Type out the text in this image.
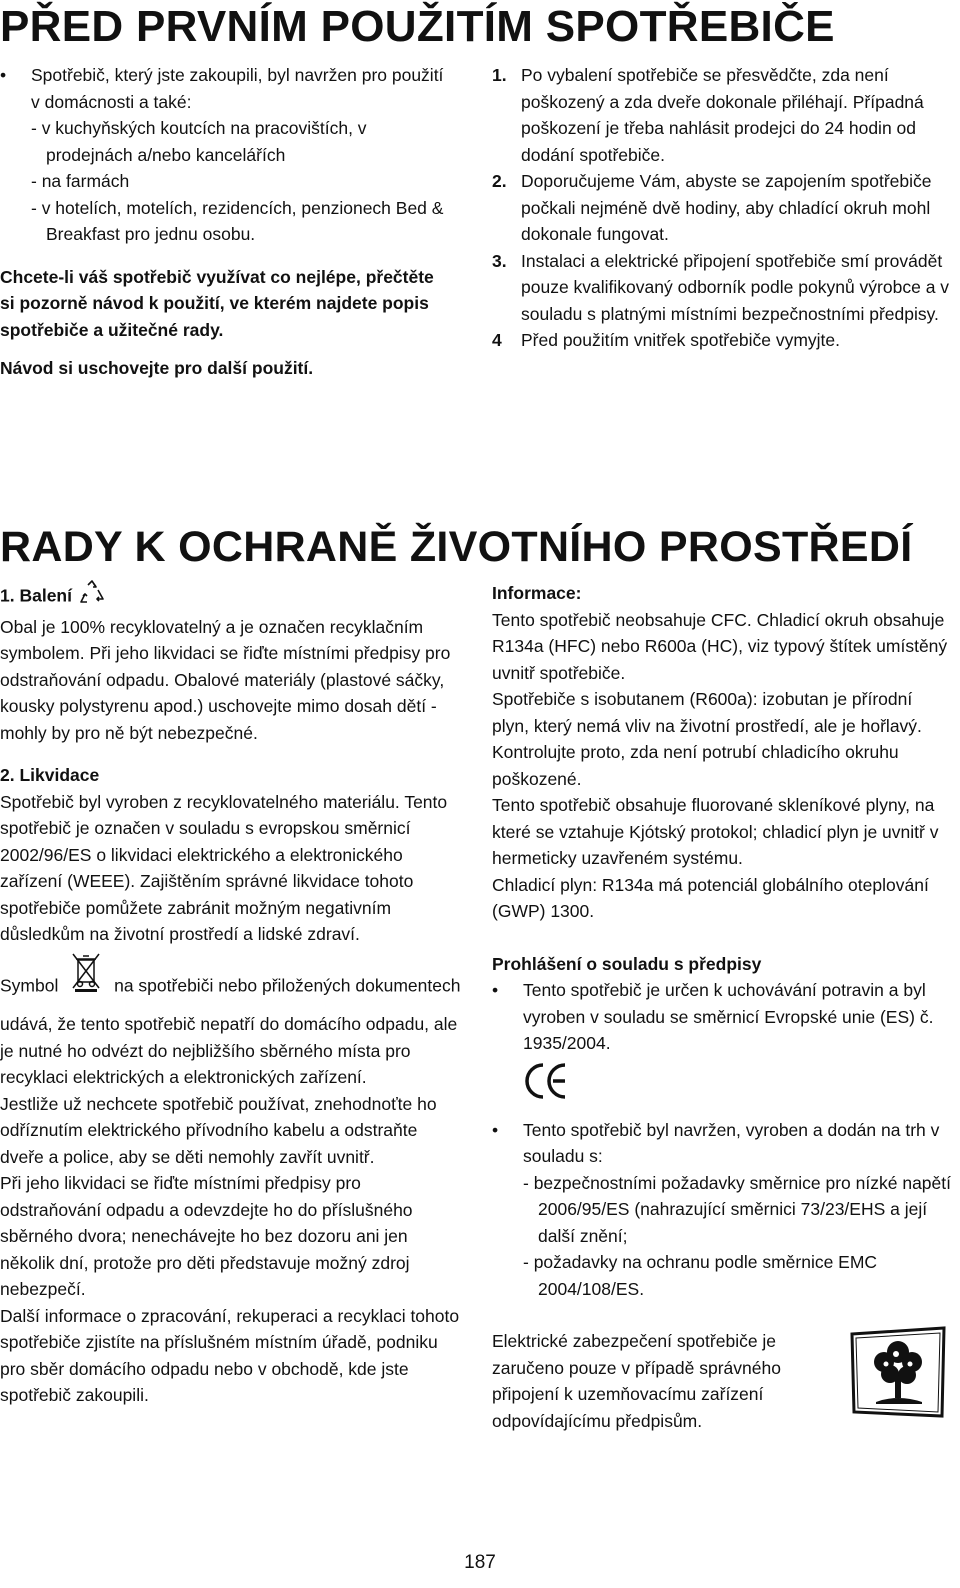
PŘED PRVNÍM POUŽITÍM SPOTŘEBIČE
• Spotřebič, který jste zakoupili, byl navržen pro použití v domácnosti a také:
- v kuchyňských koutcích na pracovištích, v prodejnách a/nebo kancelářích
- na farmách
- v hotelích, motelích, rezidencích, penzionech Bed & Breakfast pro jednu osobu.

Chcete-li váš spotřebič využívat co nejlépe, přečtěte si pozorně návod k použití, ve kterém najdete popis spotřebiče a užitečné rady.

Návod si uschovejte pro další použití.

1. Po vybalení spotřebiče se přesvědčte, zda není poškozený a zda dveře dokonale přiléhají. Případná poškození je třeba nahlásit prodejci do 24 hodin od dodání spotřebiče.
2. Doporučujeme Vám, abyste se zapojením spotřebiče počkali nejméně dvě hodiny, aby chladící okruh mohl dokonale fungovat.
3. Instalaci a elektrické připojení spotřebiče smí provádět pouze kvalifikovaný odborník podle pokynů výrobce a v souladu s platnými místními bezpečnostními předpisy.
4 Před použitím vnitřek spotřebiče vymyjte.
RADY K OCHRANĚ ŽIVOTNÍHO PROSTŘEDÍ

1. Balení

Obal je 100% recyklovatelný a je označen recyklačním symbolem. Při jeho likvidaci se řiďte místními předpisy pro odstraňování odpadu. Obalové materiály (plastové sáčky, kousky polystyrenu apod.) uschovejte mimo dosah dětí - mohly by pro ně být nebezpečné.

2. Likvidace

Spotřebič byl vyroben z recyklovatelného materiálu. Tento spotřebič je označen v souladu s evropskou směrnicí 2002/96/ES o likvidaci elektrického a elektronického zařízení (WEEE). Zajištěním správné likvidace tohoto spotřebiče pomůžete zabránit možným negativním důsledkům na životní prostředí a lidské zdraví.

Symbol	na spotřebiči nebo přiložených dokumentech udává, že tento spotřebič nepatří do domácího odpadu, ale je nutné ho odvézt do nejbližšího sběrného místa pro recyklaci elektrických a elektronických zařízení.

Jestliže už nechcete spotřebič používat, znehodnoťte ho odříznutím elektrického přívodního kabelu a odstraňte dveře a police, aby se děti nemohly zavřít uvnitř.

Při jeho likvidaci se řiďte místními předpisy pro odstraňování odpadu a odevzdejte ho do příslušného sběrného dvora; nenechávejte ho bez dozoru ani jen několik dní, protože pro děti představuje možný zdroj nebezpečí.

Další informace o zpracování, rekuperaci a recyklaci tohoto spotřebiče zjistíte na příslušném místním úřadě, podniku pro sběr domácího odpadu nebo v obchodě, kde jste spotřebič zakoupili.

Informace:

Tento spotřebič neobsahuje CFC. Chladicí okruh obsahuje R134a (HFC) nebo R600a (HC), viz typový štítek umístěný uvnitř spotřebiče.

Spotřebiče s isobutanem (R600a): izobutan je přírodní plyn, který nemá vliv na životní prostředí, ale je hořlavý. Kontrolujte proto, zda není potrubí chladicího okruhu poškozené.

Tento spotřebič obsahuje fluorované skleníkové plyny, na které se vztahuje Kjótský protokol; chladicí plyn je uvnitř v hermeticky uzavřeném systému.

Chladicí plyn: R134a má potenciál globálního oteplování (GWP) 1300.

Prohlášení o souladu s předpisy

• Tento spotřebič je určen k uchovávání potravin a byl vyroben v souladu se směrnicí Evropské unie (ES) č. 1935/2004.
• Tento spotřebič byl navržen, vyroben a dodán na trh v souladu s:
- bezpečnostními požadavky směrnice pro nízké napětí 2006/95/ES (nahrazující směrnici 73/23/EHS a její další znění;
- požadavky na ochranu podle směrnice EMC 2004/108/ES.

Elektrické zabezpečení spotřebiče je zaručeno pouze v případě správného připojení k uzemňovacímu zařízení odpovídajícímu předpisům.

187
